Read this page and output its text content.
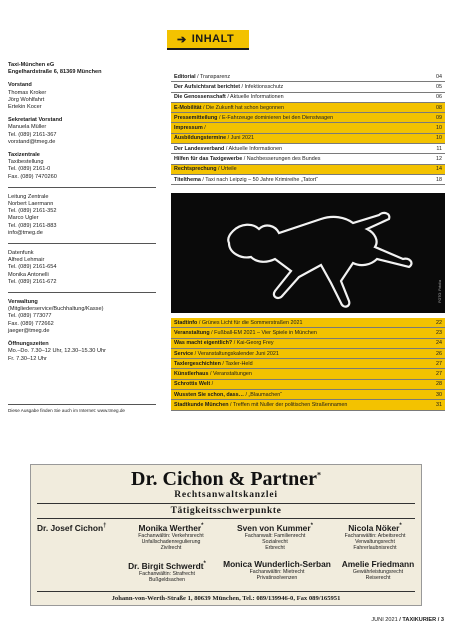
➔ INHALT
Taxi-München eG
Engelhardstraße 6, 81369 München
Vorstand
Thomas Kroker
Jörg Wohlfahrt
Ertekin Kocer
Sekretariat Vorstand
Manuela Müller
Tel. (089) 2161-367
vorstand@tmeg.de
Taxizentrale
Taxibestellung
Tel. (089) 2161-0
Fax. (089) 7470260
Leitung Zentrale
Norbert Laermann
Tel. (089) 2161-352
Marco Ugler
Tel. (089) 2161-883
info@tmeg.de
Datenfunk
Alfred Lehmair
Tel. (089) 2161-654
Monika Antonelli
Tel. (089) 2161-672
Verwaltung
(Mitgliederservice/Buchhaltung/Kasse)
Tel. (089) 773077
Fax. (089) 772662
jaeger@tmeg.de
Öffnungszeiten
Mo.–Do. 7.30–12 Uhr, 12.30–15.30 Uhr
Fr. 7.30–12 Uhr
Diese Ausgabe finden Sie auch im Internet: www.tmeg.de
Editorial / Transparenz	04
Der Aufsichtsrat berichtet / Infektionsschutz	05
Die Genossenschaft / Aktuelle Informationen	06
E-Mobilität / Die Zukunft hat schon begonnen	08
Pressemitteilung / E-Fahrzeuge dominieren bei den Dienstwagen	09
Impressum /	10
Ausbildungstermine / Juni 2021	10
Der Landesverband / Aktuelle Informationen	11
Hilfen für das Taxigewerbe / Nachbesserungen des Bundes	12
Rechtsprechung / Urteile	14
Titelthema / Taxi nach Leipzig – 50 Jahre Krimireihe „Tatort“	18
FOTO: Fotolia
Stadtinfo / Grünes Licht für die Sommerstraßen 2021	22
Veranstaltung / Fußball-EM 2021 – Vier Spiele in München	23
Was macht eigentlich? / Kai-Georg Frey	24
Service / Veranstaltungskalender Juni 2021	26
Taxlergeschichten / Taxler-Held	27
Künstlerhaus / Veranstaltungen	27
Schrottis Welt /	28
Wussten Sie schon, dass… / „Blaumachen“	30
Stadtkunde München / Treffen mit Nuller der politischen Straßennamen	31
Dr. Cichon & Partner*
Rechtsanwaltskanzlei
Tätigkeitsschwerpunkte
Dr. Josef Cichon†	Monika Werther*
Fachanwältin: Verkehrsrecht
Unfallschadenregulierung
Zivilrecht
Sven von Kummer*
Fachanwalt: Familienrecht
Sozialrecht
Erbrecht
Nicola Nöker*
Fachanwältin: Arbeitsrecht
Verwaltungsrecht
Fahrerlaubnisrecht
Dr. Birgit Schwerdt*
Fachanwältin: Strafrecht
Bußgeldsachen
Monica Wunderlich-Serban
Fachanwältin: Mietrecht
Privatinsolvenzen
Amelie Friedmann
Gewährleistungsrecht
Reiserecht
Johann-von-Werth-Straße 1, 80639 München, Tel.: 089/139946-0, Fax 089/165951
JUNI 2021 / TAXIKURIER / 3
